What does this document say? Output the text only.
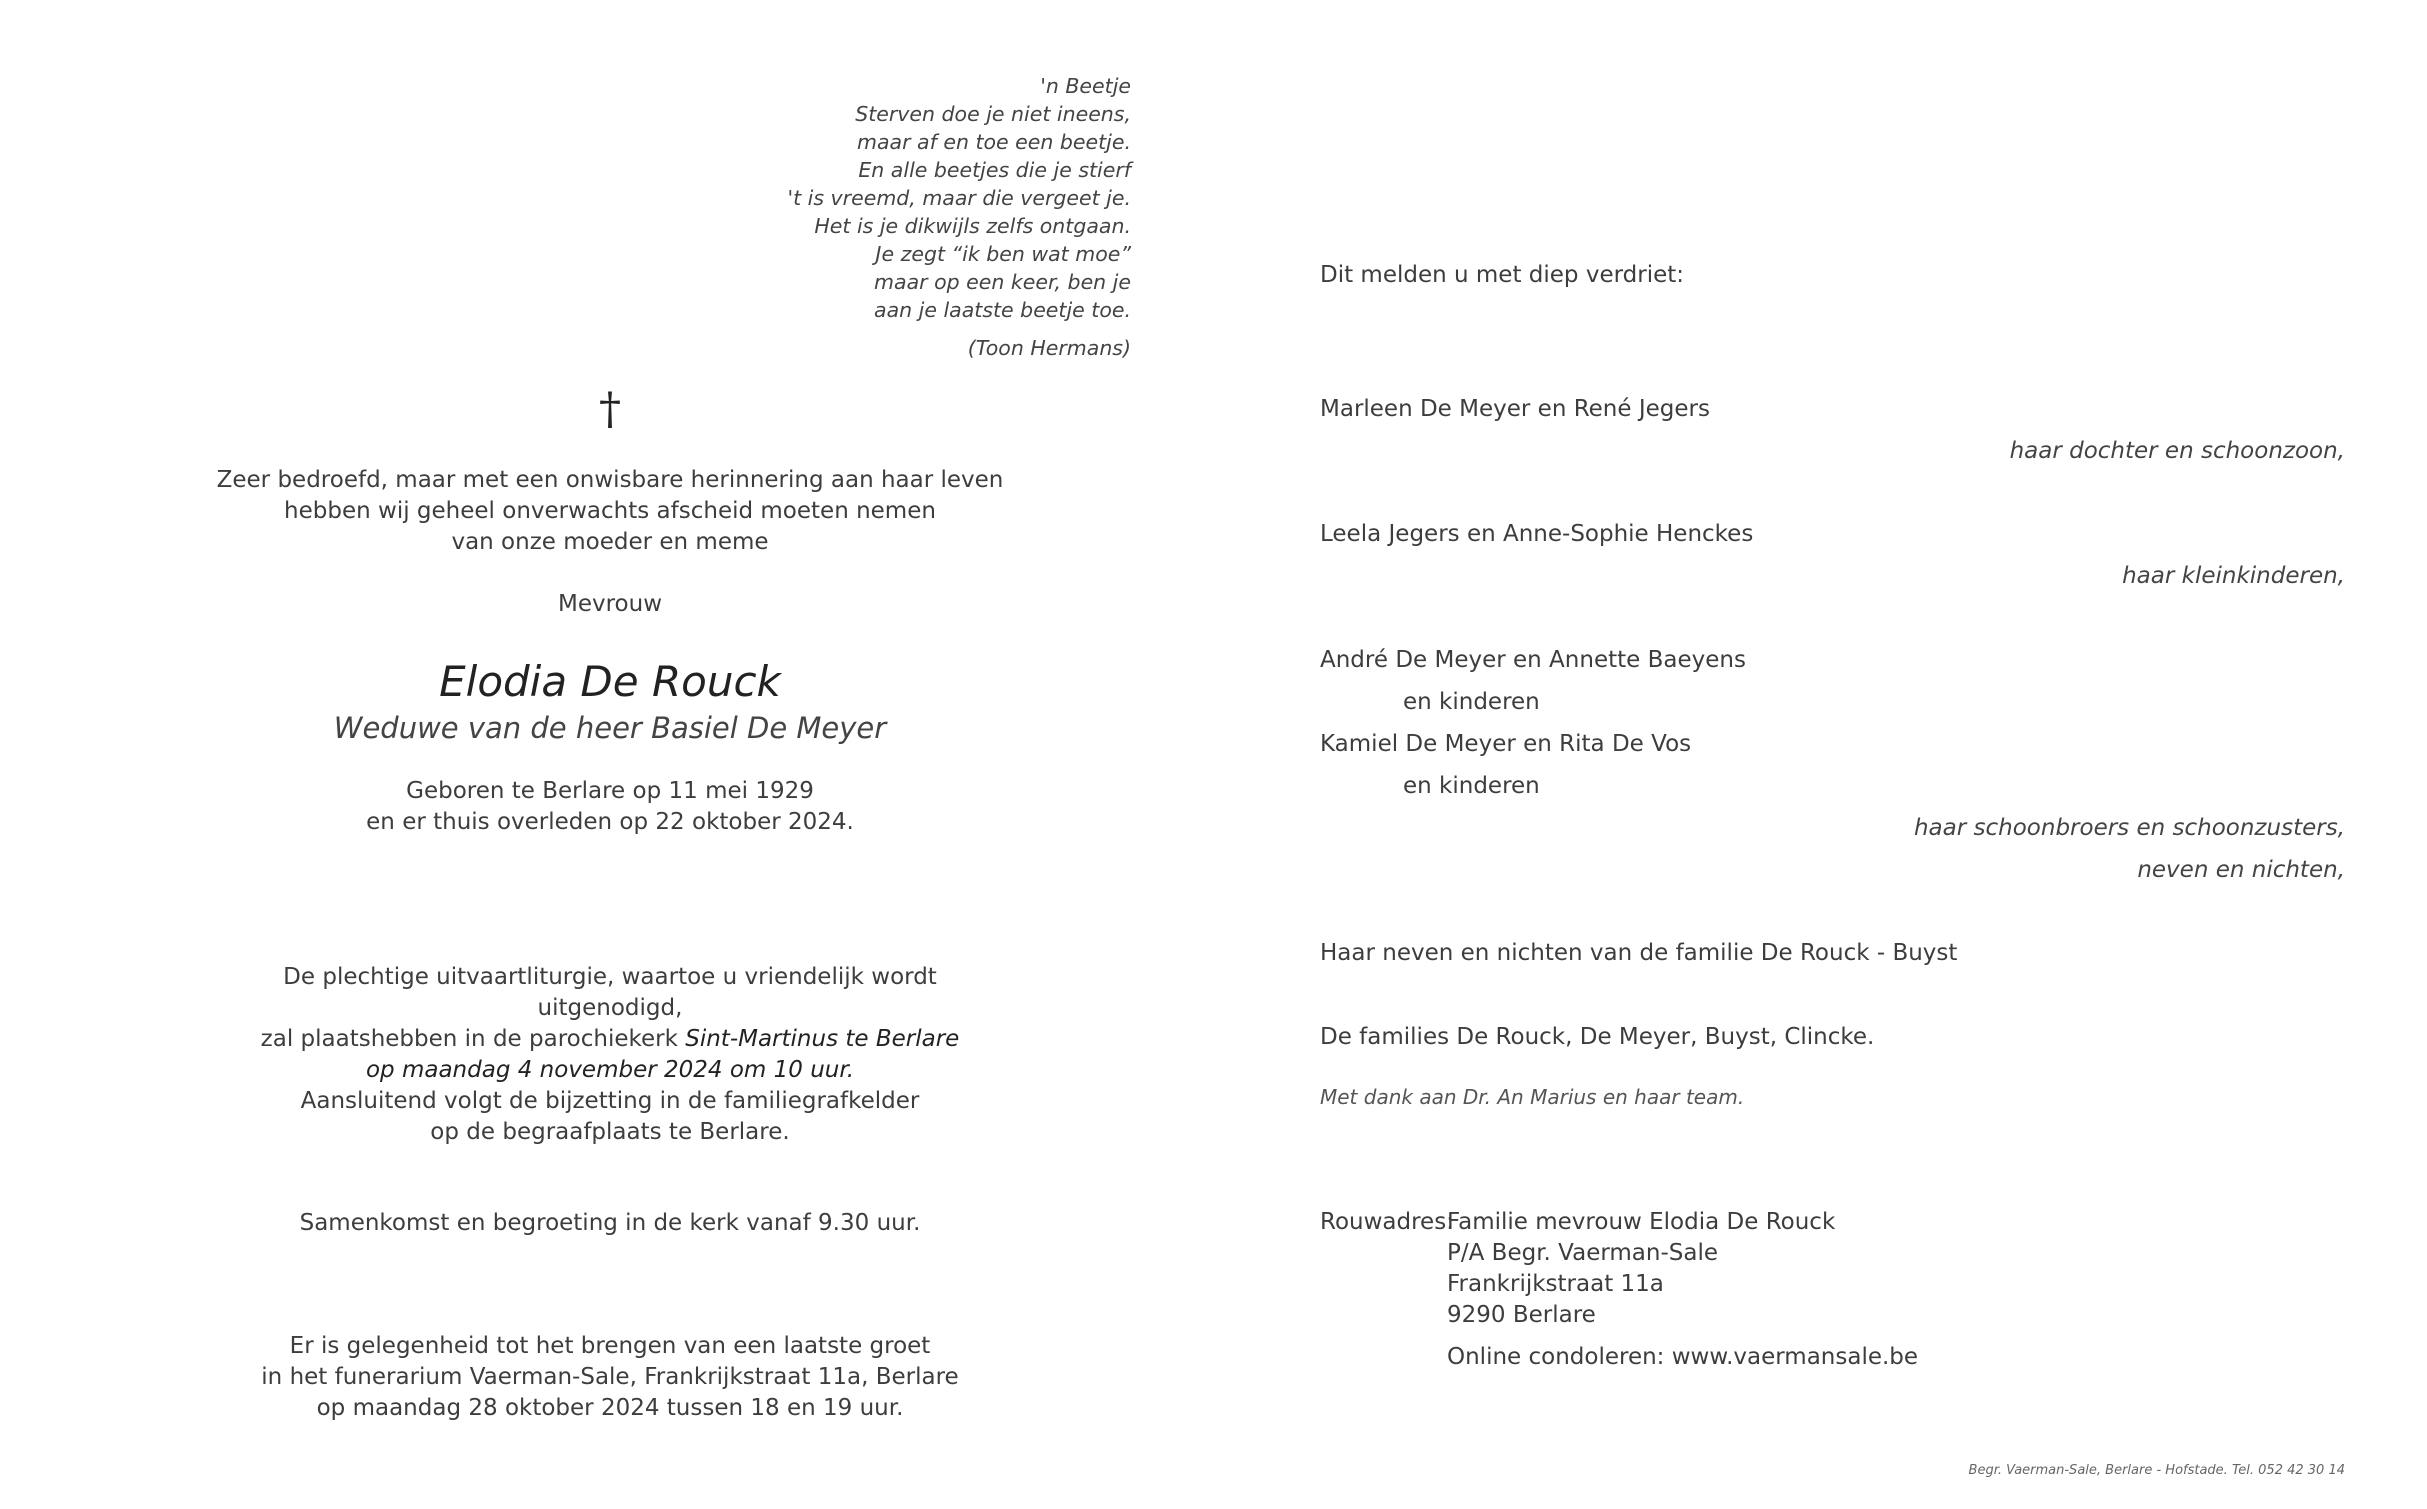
'n Beetje
Sterven doe je niet ineens,
maar af en toe een beetje.
En alle beetjes die je stierf
't is vreemd, maar die vergeet je.
Het is je dikwijls zelfs ontgaan.
Je zegt “ik ben wat moe”
maar op een keer, ben je
aan je laatste beetje toe.
(Toon Hermans)
†
Zeer bedroefd, maar met een onwisbare herinnering aan haar leven
hebben wij geheel onverwachts afscheid moeten nemen
van onze moeder en meme
Mevrouw
Elodia De Rouck
Weduwe van de heer Basiel De Meyer
Geboren te Berlare op 11 mei 1929
en er thuis overleden op 22 oktober 2024.
De plechtige uitvaartliturgie, waartoe u vriendelijk wordt uitgenodigd,
zal plaatshebben in de parochiekerk Sint-Martinus te Berlare
op maandag 4 november 2024 om 10 uur.
Aansluitend volgt de bijzetting in de familiegrafkelder
op de begraafplaats te Berlare.
Samenkomst en begroeting in de kerk vanaf 9.30 uur.
Er is gelegenheid tot het brengen van een laatste groet
in het funerarium Vaerman-Sale, Frankrijkstraat 11a, Berlare
op maandag 28 oktober 2024 tussen 18 en 19 uur.
Dit melden u met diep verdriet:
Marleen De Meyer en René Jegers
haar dochter en schoonzoon,
Leela Jegers en Anne-Sophie Henckes
haar kleinkinderen,
André De Meyer en Annette Baeyens
en kinderen
Kamiel De Meyer en Rita De Vos
en kinderen
haar schoonbroers en schoonzusters,
neven en nichten,
Haar neven en nichten van de familie De Rouck - Buyst
De families De Rouck, De Meyer, Buyst, Clincke.
Met dank aan Dr. An Marius en haar team.
Rouwadres:
Familie mevrouw Elodia De Rouck
P/A Begr. Vaerman-Sale
Frankrijkstraat 11a
9290 Berlare
Online condoleren: www.vaermansale.be
Begr. Vaerman-Sale, Berlare - Hofstade. Tel. 052 42 30 14
